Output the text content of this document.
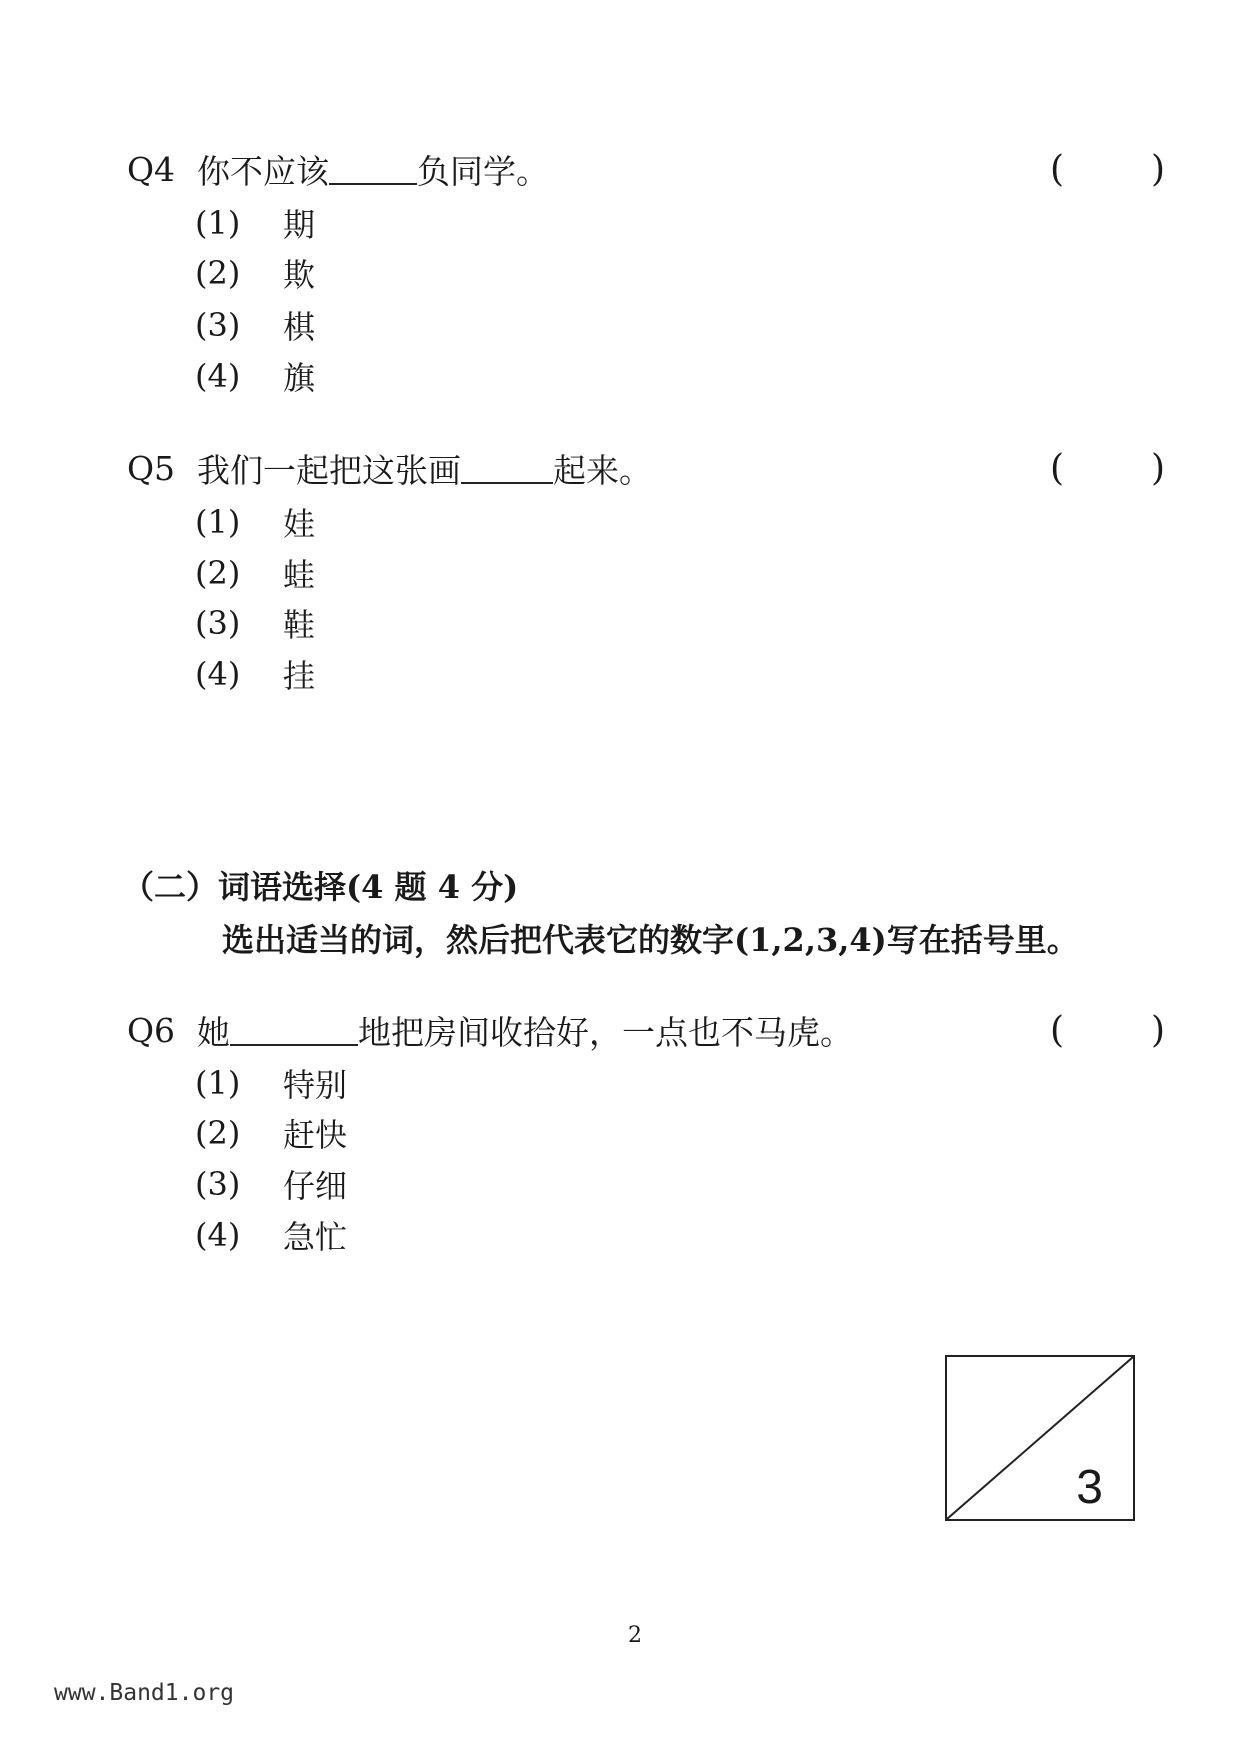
Q4 你不应该	负同学。	( )
(1)	期
(2)	欺
(3)	棋
(4)	旗
Q5 我们一起把这张画	起来。	( )
(1)	娃
(2)	蛙
(3)	鞋
(4)	挂
（二）词语选择(4 题 4 分)
选出适当的词，然后把代表它的数字(1,2,3,4)写在括号里。
Q6 她	地把房间收拾好，一点也不马虎。	( )
(1)	特别
(2)	赶快
(3)	仔细
(4)	急忙
3
2
www.Band1.org
